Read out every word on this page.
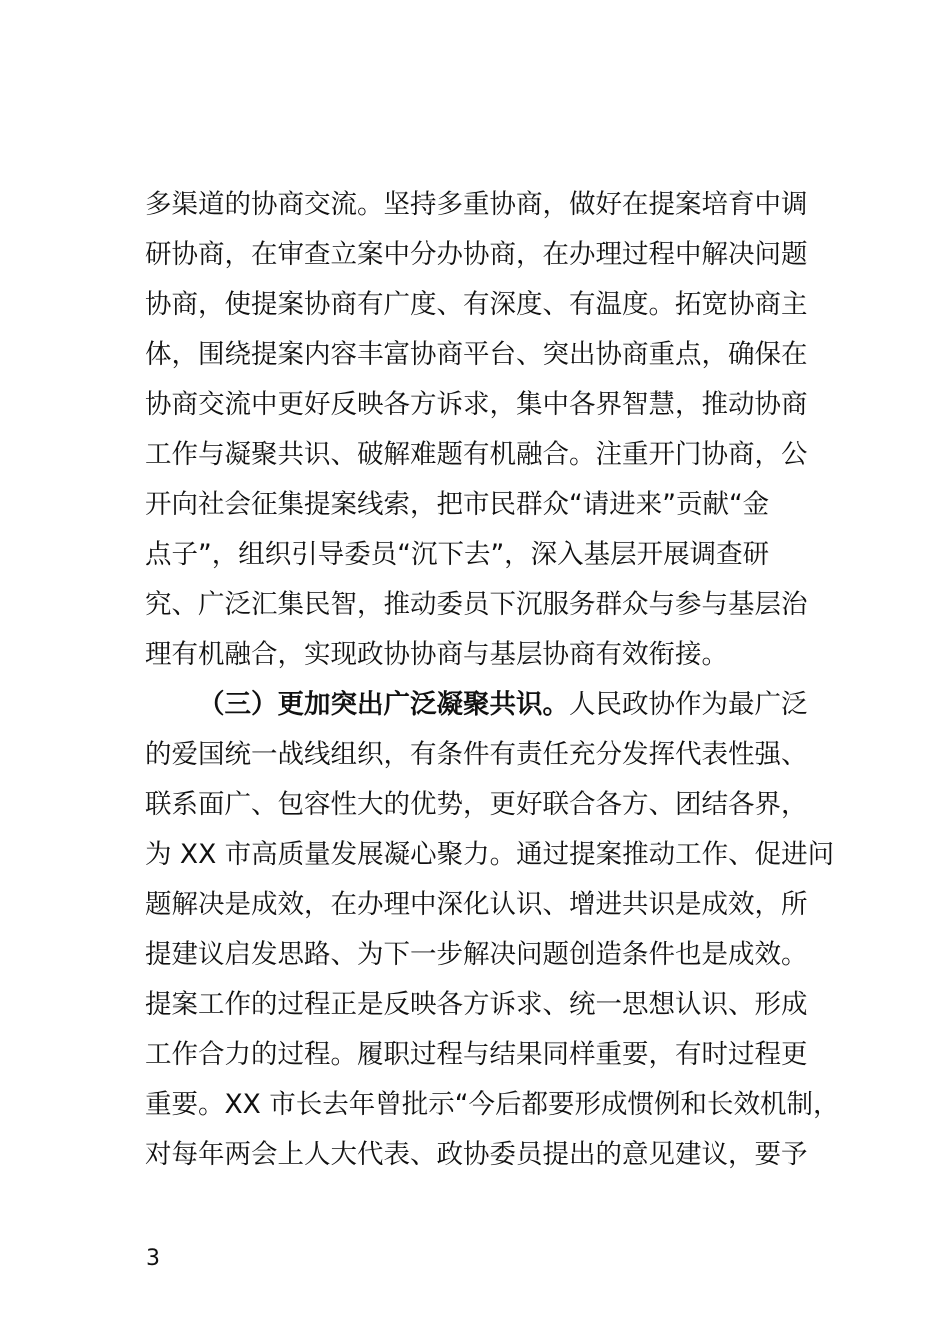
多渠道的协商交流。坚持多重协商，做好在提案培育中调
研协商，在审查立案中分办协商，在办理过程中解决问题
协商，使提案协商有广度、有深度、有温度。拓宽协商主
体，围绕提案内容丰富协商平台、突出协商重点，确保在
协商交流中更好反映各方诉求，集中各界智慧，推动协商
工作与凝聚共识、破解难题有机融合。注重开门协商，公
开向社会征集提案线索，把市民群众“请进来”贡献“金
点子”，组织引导委员“沉下去”，深入基层开展调查研
究、广泛汇集民智，推动委员下沉服务群众与参与基层治
理有机融合，实现政协协商与基层协商有效衔接。
（三）更加突出广泛凝聚共识。人民政协作为最广泛
的爱国统一战线组织，有条件有责任充分发挥代表性强、
联系面广、包容性大的优势，更好联合各方、团结各界，
为 XX 市高质量发展凝心聚力。通过提案推动工作、促进问
题解决是成效，在办理中深化认识、增进共识是成效，所
提建议启发思路、为下一步解决问题创造条件也是成效。
提案工作的过程正是反映各方诉求、统一思想认识、形成
工作合力的过程。履职过程与结果同样重要，有时过程更
重要。XX 市长去年曾批示“今后都要形成惯例和长效机制，
对每年两会上人大代表、政协委员提出的意见建议，要予
3
